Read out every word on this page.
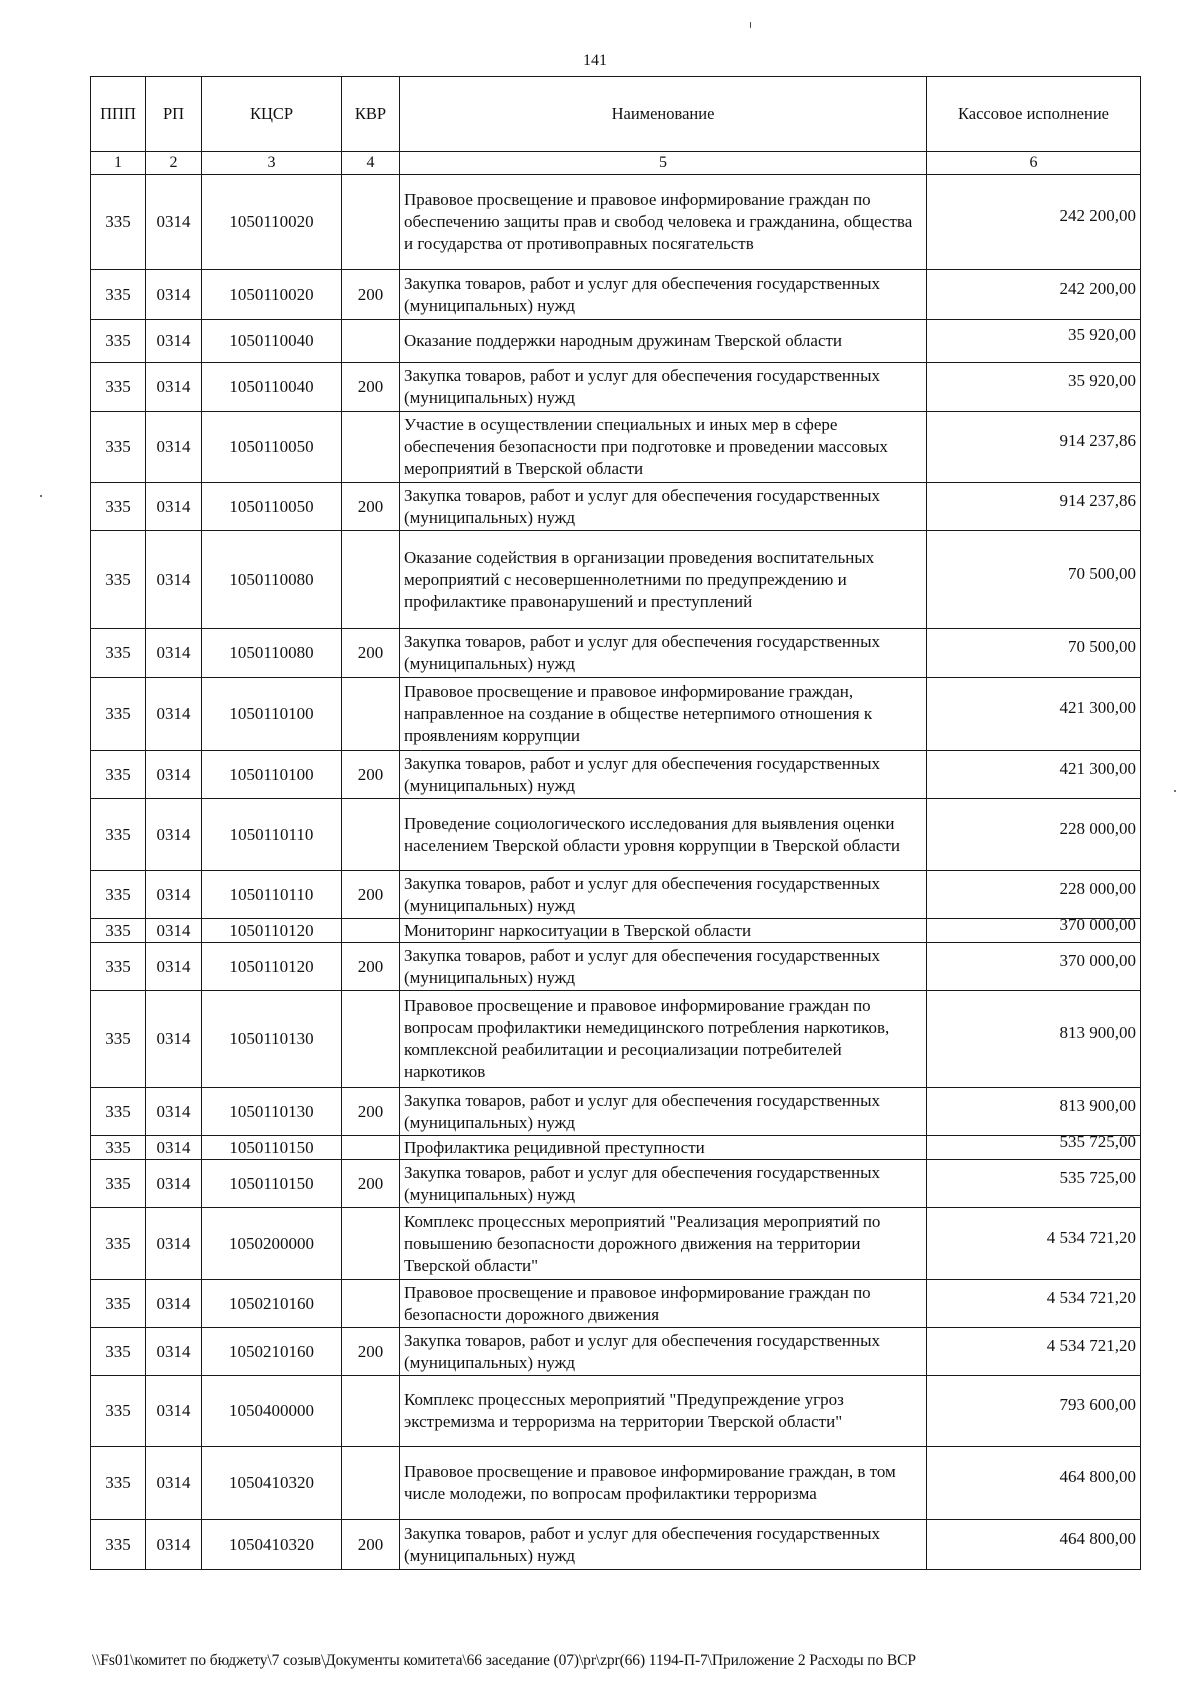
141
ППП	РП	КЦСР	КВР	Наименование	Кассовое исполнение
1	2	3	4	5	6
335	0314	1050110020		Правовое просвещение и правовое информирование граждан по обеспечению защиты прав и свобод человека и гражданина, общества и государства от противоправных посягательств	242 200,00
335	0314	1050110020	200	Закупка товаров, работ и услуг для обеспечения государственных (муниципальных) нужд	242 200,00
335	0314	1050110040		Оказание поддержки народным дружинам Тверской области	35 920,00
335	0314	1050110040	200	Закупка товаров, работ и услуг для обеспечения государственных (муниципальных) нужд	35 920,00
335	0314	1050110050		Участие в осуществлении специальных и иных мер в сфере обеспечения безопасности при подготовке и проведении массовых мероприятий в Тверской области	914 237,86
335	0314	1050110050	200	Закупка товаров, работ и услуг для обеспечения государственных (муниципальных) нужд	914 237,86
335	0314	1050110080		Оказание содействия в организации проведения воспитательных мероприятий с несовершеннолетними по предупреждению и профилактике правонарушений и преступлений	70 500,00
335	0314	1050110080	200	Закупка товаров, работ и услуг для обеспечения государственных (муниципальных) нужд	70 500,00
335	0314	1050110100		Правовое просвещение и правовое информирование граждан, направленное на создание в обществе нетерпимого отношения к проявлениям коррупции	421 300,00
335	0314	1050110100	200	Закупка товаров, работ и услуг для обеспечения государственных (муниципальных) нужд	421 300,00
335	0314	1050110110		Проведение социологического исследования для выявления оценки населением Тверской области уровня коррупции в Тверской области	228 000,00
335	0314	1050110110	200	Закупка товаров, работ и услуг для обеспечения государственных (муниципальных) нужд	228 000,00
335	0314	1050110120		Мониторинг наркоситуации в Тверской области	370 000,00
335	0314	1050110120	200	Закупка товаров, работ и услуг для обеспечения государственных (муниципальных) нужд	370 000,00
335	0314	1050110130		Правовое просвещение и правовое информирование граждан по вопросам профилактики немедицинского потребления наркотиков, комплексной реабилитации и ресоциализации потребителей наркотиков	813 900,00
335	0314	1050110130	200	Закупка товаров, работ и услуг для обеспечения государственных (муниципальных) нужд	813 900,00
335	0314	1050110150		Профилактика рецидивной преступности	535 725,00
335	0314	1050110150	200	Закупка товаров, работ и услуг для обеспечения государственных (муниципальных) нужд	535 725,00
335	0314	1050200000		Комплекс процессных мероприятий "Реализация мероприятий по повышению безопасности дорожного движения на территории Тверской области"	4 534 721,20
335	0314	1050210160		Правовое просвещение и правовое информирование граждан по безопасности дорожного движения	4 534 721,20
335	0314	1050210160	200	Закупка товаров, работ и услуг для обеспечения государственных (муниципальных) нужд	4 534 721,20
335	0314	1050400000		Комплекс процессных мероприятий "Предупреждение угроз экстремизма и терроризма на территории Тверской области"	793 600,00
335	0314	1050410320		Правовое просвещение и правовое информирование граждан, в том числе молодежи, по вопросам профилактики терроризма	464 800,00
335	0314	1050410320	200	Закупка товаров, работ и услуг для обеспечения государственных (муниципальных) нужд	464 800,00
\\Fs01\комитет по бюджету\7 созыв\Документы комитета\66 заседание (07)\pr\zpr(66) 1194-П-7\Приложение 2 Расходы по ВСР
